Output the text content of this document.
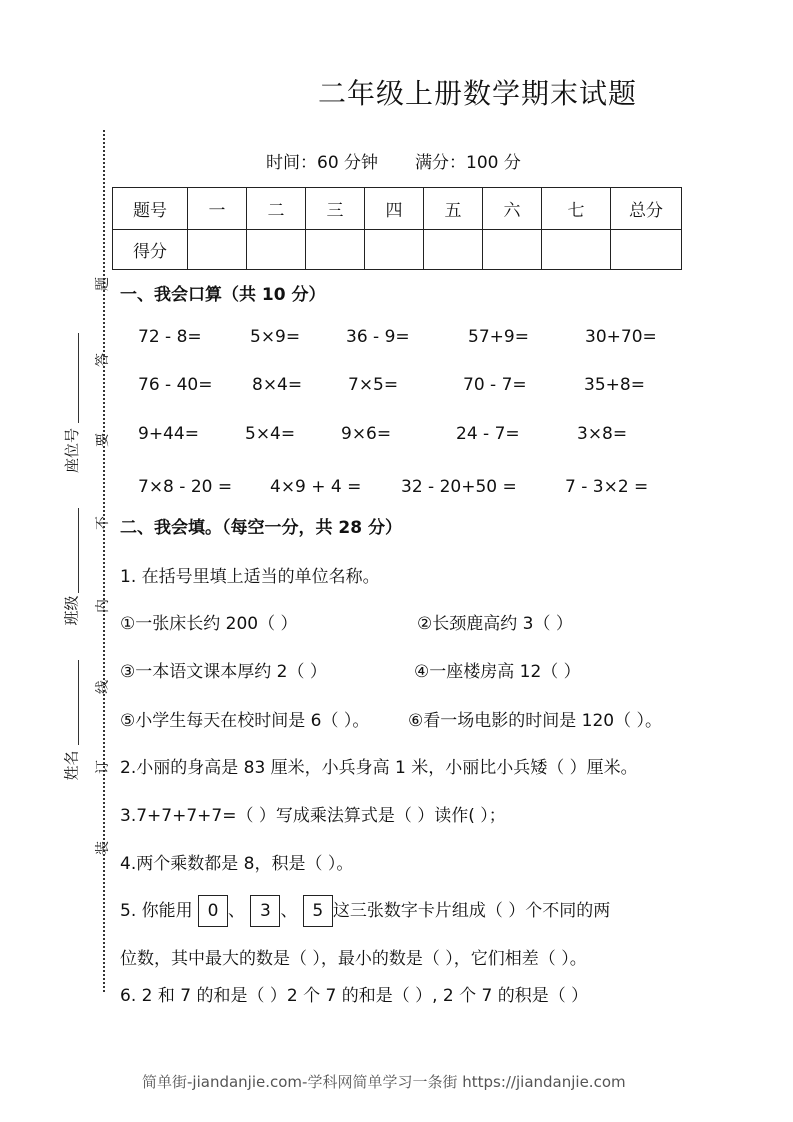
二年级上册数学期末试题
时间：60 分钟 满分：100 分
题号	一	二	三	四	五	六	七	总分
得分								
题
答
要
不
内
线
订
装
座位号
班级
姓名
一、我会口算（共 10 分）
72 - 8=	5×9=	36 - 9=	57+9=	30+70=
76 - 40= 8×4=	7×5=	70 - 7=	35+8=
9+44=	5×4=	9×6=	24 - 7=	3×8=
7×8 - 20 = 4×9 + 4 = 32 - 20+50 =	7 - 3×2 =
二、我会填。（每空一分，共 28 分）
1. 在括号里填上适当的单位名称。
①一张床长约 200（ ）	②长颈鹿高约 3（ ）
③一本语文课本厚约 2（ ）	④一座楼房高 12（ ）
⑤小学生每天在校时间是 6（ ）。 ⑥看一场电影的时间是 120（ ）。
2.小丽的身高是 83 厘米，小兵身高 1 米，小丽比小兵矮（ ）厘米。
3.7+7+7+7=（ ）写成乘法算式是（ ）读作( ）；
4.两个乘数都是 8，积是（ ）。
5. 你能用 0 、 3 、 5 这三张数字卡片组成（ ）个不同的两
位数，其中最大的数是（ ），最小的数是（ ），它们相差（ ）。
6. 2 和 7 的和是（ ）2 个 7 的和是（ ）, 2 个 7 的积是（ ）
简单街-jiandanjie.com-学科网简单学习一条街 https://jiandanjie.com
